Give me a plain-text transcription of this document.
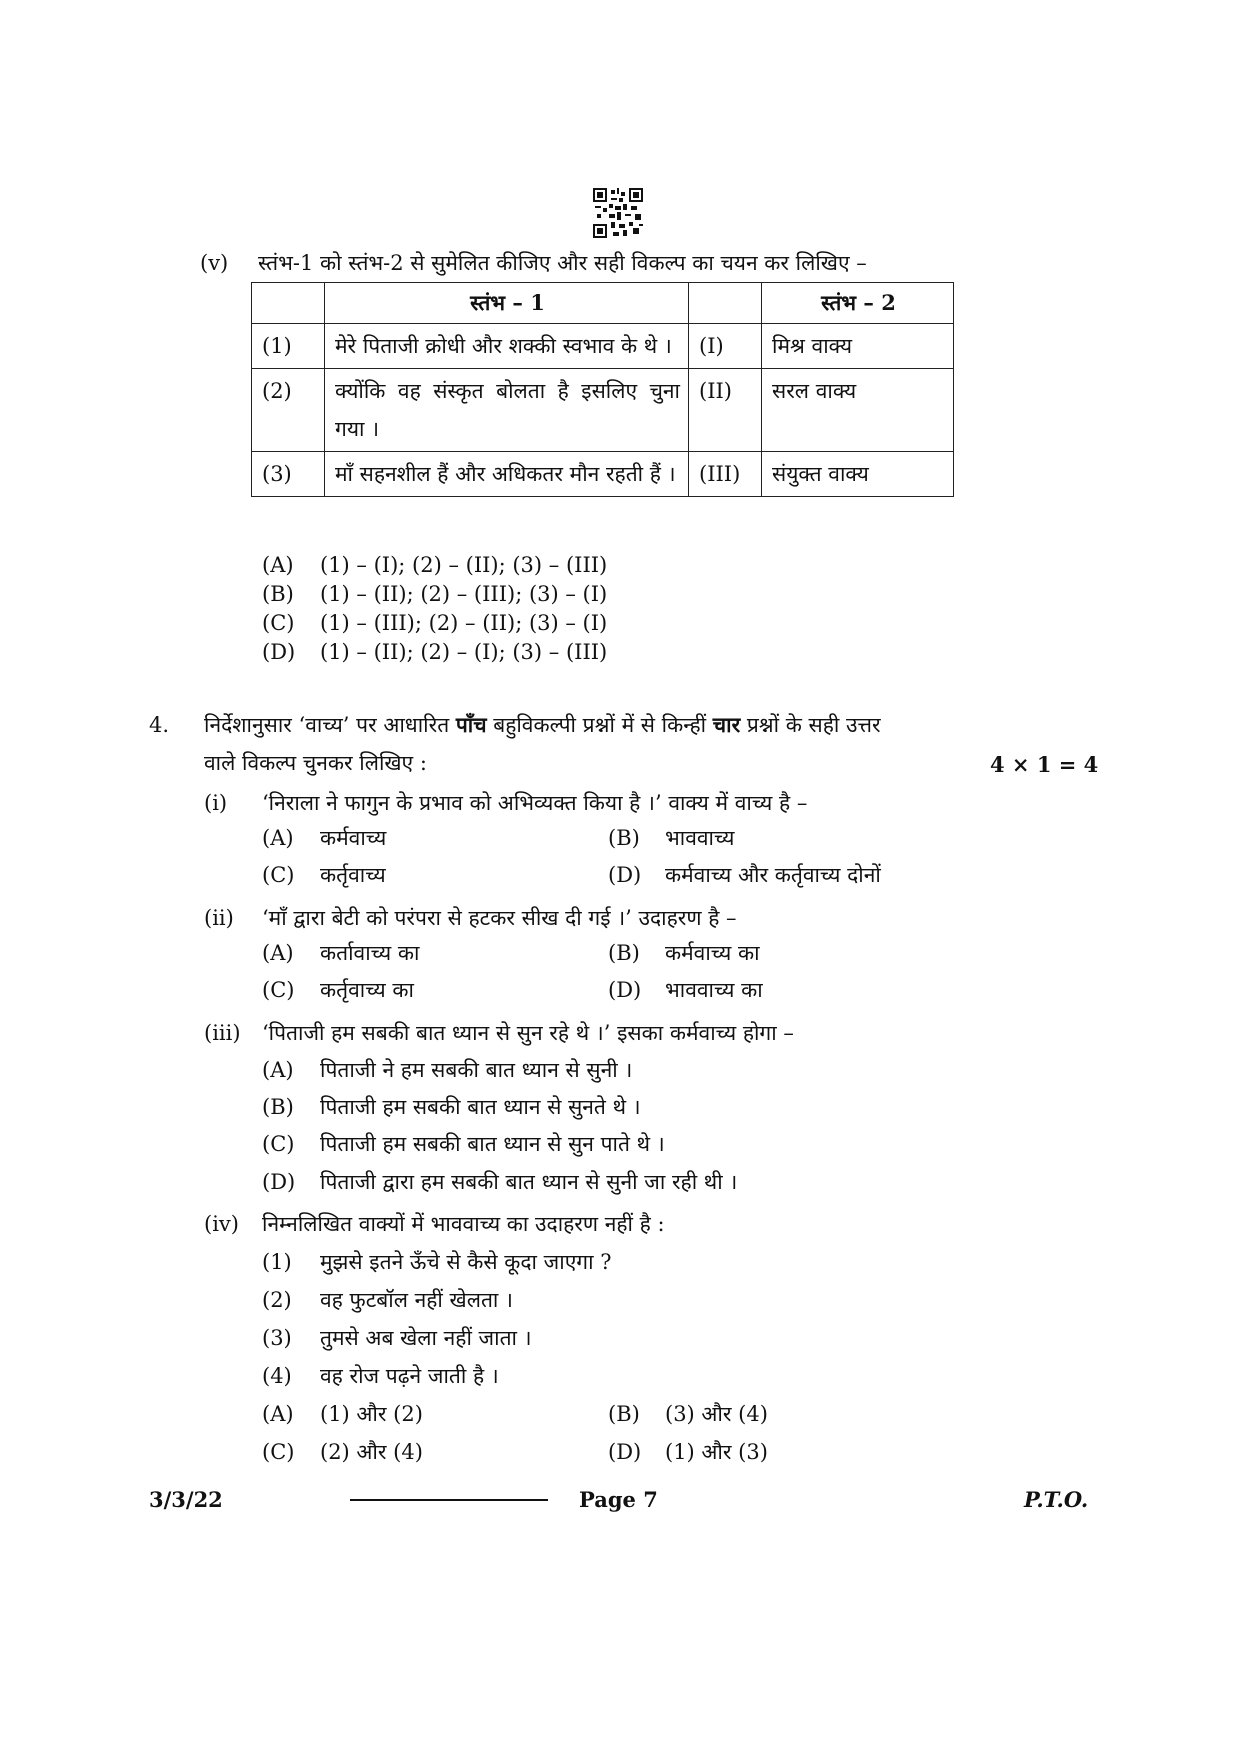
(v) स्तंभ-1 को स्तंभ-2 से सुमेलित कीजिए और सही विकल्प का चयन कर लिखिए –
	स्तंभ – 1		स्तंभ – 2
(1)	मेरे पिताजी क्रोधी और शक्की स्वभाव के थे ।	(I)	मिश्र वाक्य
(2)	क्योंकि वह संस्कृत बोलता है इसलिए चुना गया ।	(II)	सरल वाक्य
(3)	माँ सहनशील हैं और अधिकतर मौन रहती हैं ।	(III)	संयुक्त वाक्य
(A) (1) – (I); (2) – (II); (3) – (III)
(B) (1) – (II); (2) – (III); (3) – (I)
(C) (1) – (III); (2) – (II); (3) – (I)
(D) (1) – (II); (2) – (I); (3) – (III)
4. निर्देशानुसार ‘वाच्य’ पर आधारित पाँच बहुविकल्पी प्रश्नों में से किन्हीं चार प्रश्नों के सही उत्तर
वाले विकल्प चुनकर लिखिए :	4 × 1 = 4
(i) ‘निराला ने फागुन के प्रभाव को अभिव्यक्त किया है ।’ वाक्य में वाच्य है –
(A) कर्मवाच्य	(B) भाववाच्य
(C) कर्तृवाच्य	(D) कर्मवाच्य और कर्तृवाच्य दोनों
(ii) ‘माँ द्वारा बेटी को परंपरा से हटकर सीख दी गई ।’ उदाहरण है –
(A) कर्तावाच्य का	(B) कर्मवाच्य का
(C) कर्तृवाच्य का	(D) भाववाच्य का
(iii) ‘पिताजी हम सबकी बात ध्यान से सुन रहे थे ।’ इसका कर्मवाच्य होगा –
(A) पिताजी ने हम सबकी बात ध्यान से सुनी ।
(B) पिताजी हम सबकी बात ध्यान से सुनते थे ।
(C) पिताजी हम सबकी बात ध्यान से सुन पाते थे ।
(D) पिताजी द्वारा हम सबकी बात ध्यान से सुनी जा रही थी ।
(iv) निम्नलिखित वाक्यों में भाववाच्य का उदाहरण नहीं है :
(1) मुझसे इतने ऊँचे से कैसे कूदा जाएगा ?
(2) वह फुटबॉल नहीं खेलता ।
(3) तुमसे अब खेला नहीं जाता ।
(4) वह रोज पढ़ने जाती है ।
(A) (1) और (2)	(B) (3) और (4)
(C) (2) और (4)	(D) (1) और (3)
3/3/22	Page 7	P.T.O.
